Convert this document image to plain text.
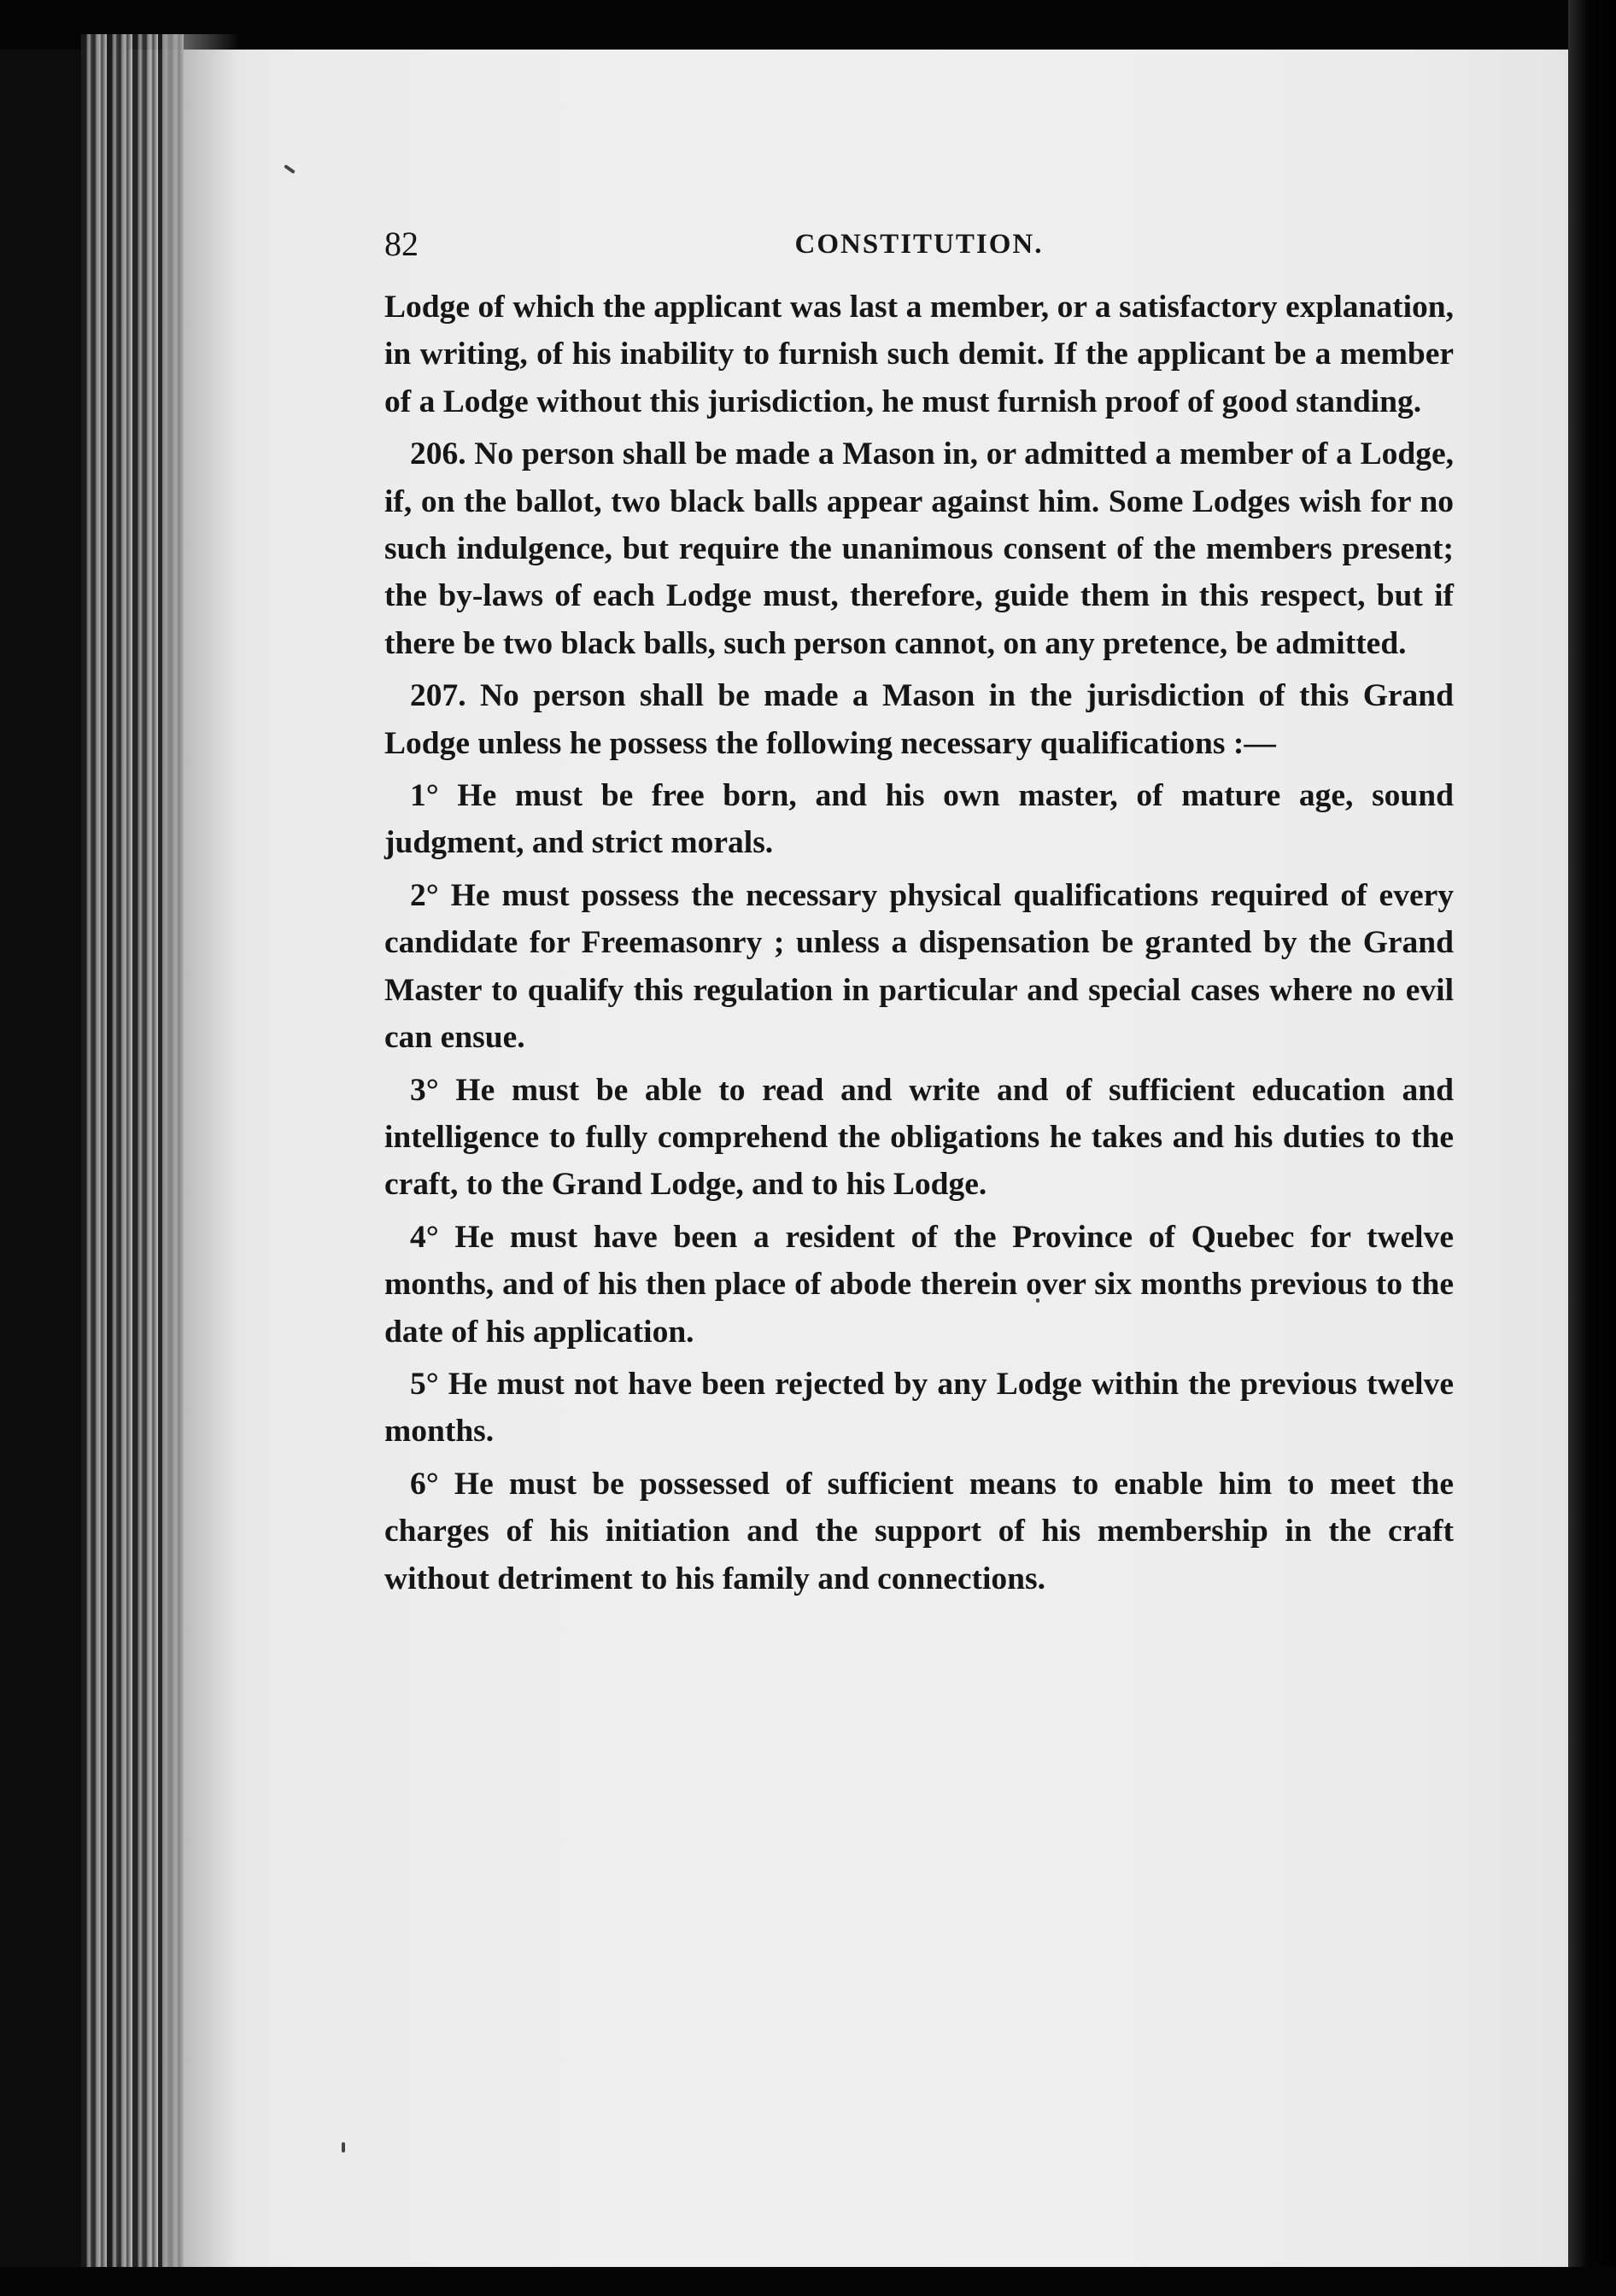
82	CONSTITUTION.

Lodge of which the applicant was last a member, or a satisfactory explanation, in writing, of his inability to furnish such demit. If the applicant be a member of a Lodge without this jurisdiction, he must furnish proof of good standing.

206. No person shall be made a Mason in, or admitted a member of a Lodge, if, on the ballot, two black balls appear against him. Some Lodges wish for no such indulgence, but require the unanimous consent of the members present; the by-laws of each Lodge must, therefore, guide them in this respect, but if there be two black balls, such person cannot, on any pretence, be admitted.

207. No person shall be made a Mason in the jurisdiction of this Grand Lodge unless he possess the following necessary qualifications :—

1° He must be free born, and his own master, of mature age, sound judgment, and strict morals.

2° He must possess the necessary physical qualifications required of every candidate for Freemasonry ; unless a dispensation be granted by the Grand Master to qualify this regulation in particular and special cases where no evil can ensue.

3° He must be able to read and write and of sufficient education and intelligence to fully comprehend the obligations he takes and his duties to the craft, to the Grand Lodge, and to his Lodge.

4° He must have been a resident of the Province of Quebec for twelve months, and of his then place of abode therein over six months previous to the date of his application.

5° He must not have been rejected by any Lodge within the previous twelve months.

6° He must be possessed of sufficient means to enable him to meet the charges of his initiation and the support of his membership in the craft without detriment to his family and connections.
